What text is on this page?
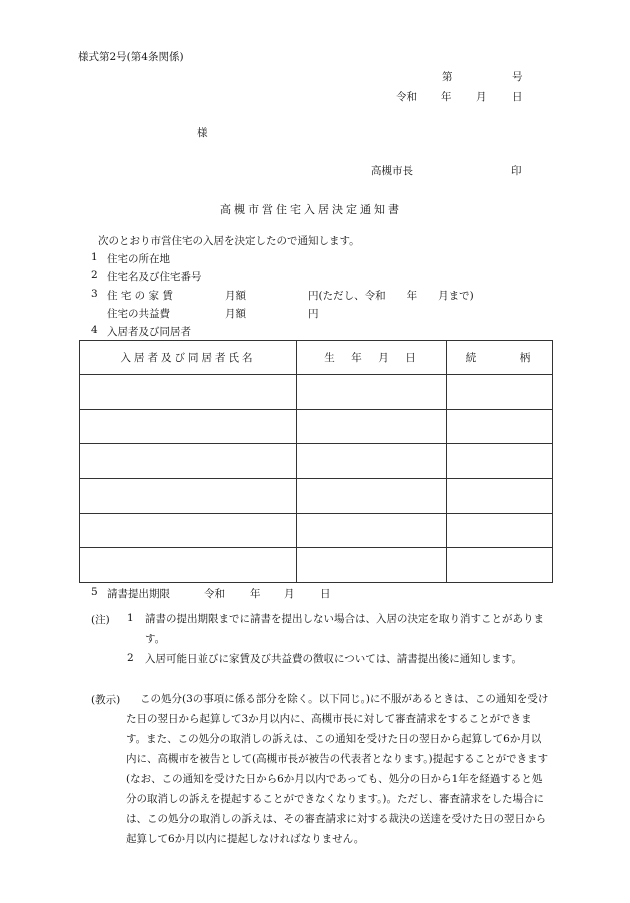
様式第2号(第4条関係)
第	号
令和 年 月 日
様
高槻市長	印
高槻市営住宅入居決定通知書
次のとおり市営住宅の入居を決定したので通知します。
1 住宅の所在地
2 住宅名及び住宅番号
3 住 宅 の 家 賃	月額	円(ただし、令和　　年　　月まで)
住宅の共益費	月額	円
4 入居者及び同居者
入居者及び同居者氏名	生　年　月　日	続　　　柄

5 請書提出期限	令和 年 月 日
(注) 1 請書の提出期限までに請書を提出しない場合は、入居の決定を取り消すことがあります。
2 入居可能日並びに家賃及び共益費の徴収については、請書提出後に通知します。
(教示)	この処分(3の事項に係る部分を除く。以下同じ。)に不服があるときは、この通知を受けた日の翌日から起算して3か月以内に、高槻市長に対して審査請求をすることができます。また、この処分の取消しの訴えは、この通知を受けた日の翌日から起算して6か月以内に、高槻市を被告として(高槻市長が被告の代表者となります。)提起することができます(なお、この通知を受けた日から6か月以内であっても、処分の日から1年を経過すると処分の取消しの訴えを提起することができなくなります。)。ただし、審査請求をした場合には、この処分の取消しの訴えは、その審査請求に対する裁決の送達を受けた日の翌日から起算して6か月以内に提起しなければなりません。
